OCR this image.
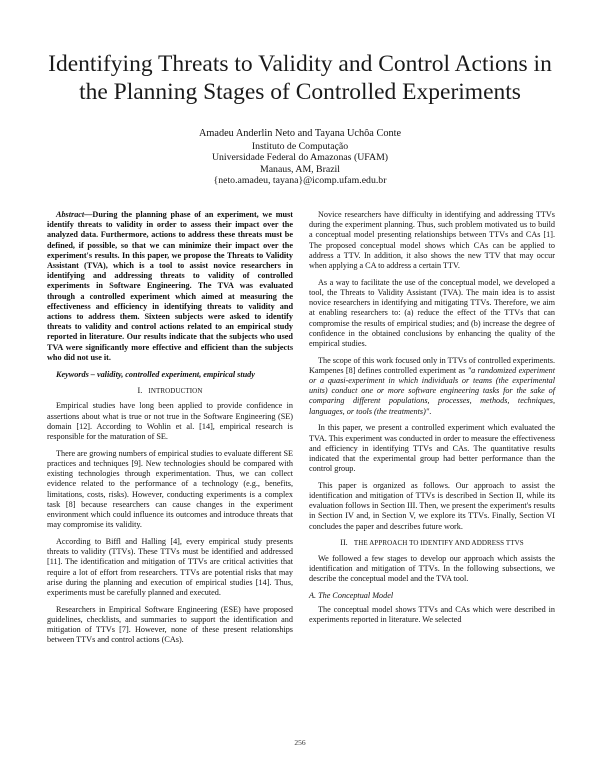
Identifying Threats to Validity and Control Actions in
the Planning Stages of Controlled Experiments
Amadeu Anderlin Neto and Tayana Uchôa Conte
Instituto de Computação
Universidade Federal do Amazonas (UFAM)
Manaus, AM, Brazil
{neto.amadeu, tayana}@icomp.ufam.edu.br

Abstract—During the planning phase of an experiment, we must identify threats to validity in order to assess their impact over the analyzed data. Furthermore, actions to address these threats must be defined, if possible, so that we can minimize their impact over the experiment's results. In this paper, we propose the Threats to Validity Assistant (TVA), which is a tool to assist novice researchers in identifying and addressing threats to validity of controlled experiments in Software Engineering. The TVA was evaluated through a controlled experiment which aimed at measuring the effectiveness and efficiency in identifying threats to validity and actions to address them. Sixteen subjects were asked to identify threats to validity and control actions related to an empirical study reported in literature. Our results indicate that the subjects who used TVA were significantly more effective and efficient than the subjects who did not use it.

Keywords – validity, controlled experiment, empirical study

I. INTRODUCTION

Empirical studies have long been applied to provide confidence in assertions about what is true or not true in the Software Engineering (SE) domain [12]. According to Wohlin et al. [14], empirical research is responsible for the maturation of SE.

There are growing numbers of empirical studies to evaluate different SE practices and techniques [9]. New technologies should be compared with existing technologies through experimentation. Thus, we can collect evidence related to the performance of a technology (e.g., benefits, limitations, costs, risks). However, conducting experiments is a complex task [8] because researchers can cause changes in the experiment environment which could influence its outcomes and introduce threats that may compromise its validity.

According to Biffl and Halling [4], every empirical study presents threats to validity (TTVs). These TTVs must be identified and addressed [11]. The identification and mitigation of TTVs are critical activities that require a lot of effort from researchers. TTVs are potential risks that may arise during the planning and execution of empirical studies [14]. Thus, experiments must be carefully planned and executed.

Researchers in Empirical Software Engineering (ESE) have proposed guidelines, checklists, and summaries to support the identification and mitigation of TTVs [7]. However, none of these present relationships between TTVs and control actions (CAs).

Novice researchers have difficulty in identifying and addressing TTVs during the experiment planning. Thus, such problem motivated us to build a conceptual model presenting relationships between TTVs and CAs [1]. The proposed conceptual model shows which CAs can be applied to address a TTV. In addition, it also shows the new TTV that may occur when applying a CA to address a certain TTV.

As a way to facilitate the use of the conceptual model, we developed a tool, the Threats to Validity Assistant (TVA). The main idea is to assist novice researchers in identifying and mitigating TTVs. Therefore, we aim at enabling researchers to: (a) reduce the effect of the TTVs that can compromise the results of empirical studies; and (b) increase the degree of confidence in the obtained conclusions by enhancing the quality of the empirical studies.

The scope of this work focused only in TTVs of controlled experiments. Kampenes [8] defines controlled experiment as "a randomized experiment or a quasi-experiment in which individuals or teams (the experimental units) conduct one or more software engineering tasks for the sake of comparing different populations, processes, methods, techniques, languages, or tools (the treatments)".

In this paper, we present a controlled experiment which evaluated the TVA. This experiment was conducted in order to measure the effectiveness and efficiency in identifying TTVs and CAs. The quantitative results indicated that the experimental group had better performance than the control group.

This paper is organized as follows. Our approach to assist the identification and mitigation of TTVs is described in Section II, while its evaluation follows in Section III. Then, we present the experiment's results in Section IV and, in Section V, we explore its TTVs. Finally, Section VI concludes the paper and describes future work.

II. THE APPROACH TO IDENTIFY AND ADDRESS TTVS

We followed a few stages to develop our approach which assists the identification and mitigation of TTVs. In the following subsections, we describe the conceptual model and the TVA tool.

A. The Conceptual Model

The conceptual model shows TTVs and CAs which were described in experiments reported in literature. We selected

256
